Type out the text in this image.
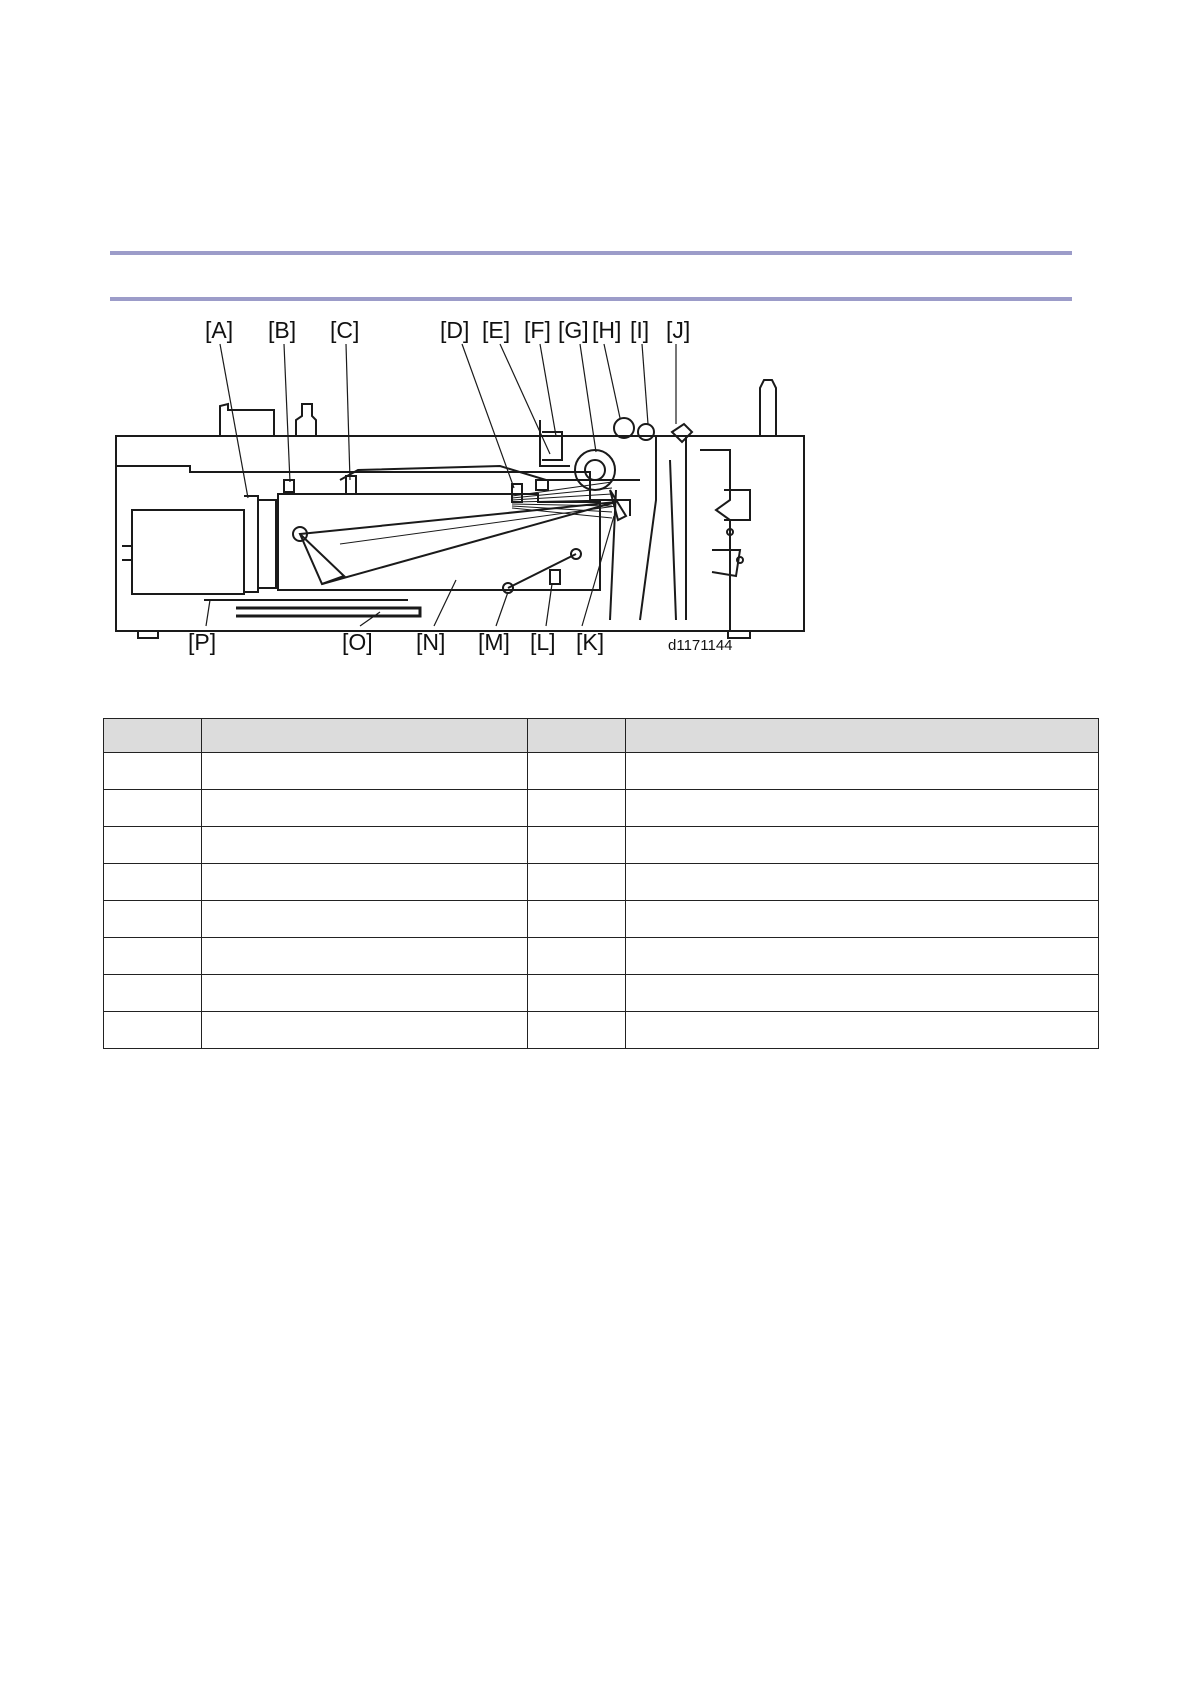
[A] [B] [C]	[D] [E] [F] [G] [H] [I] [J]
[P]	[O] [N] [M] [L] [K]	d1171144
